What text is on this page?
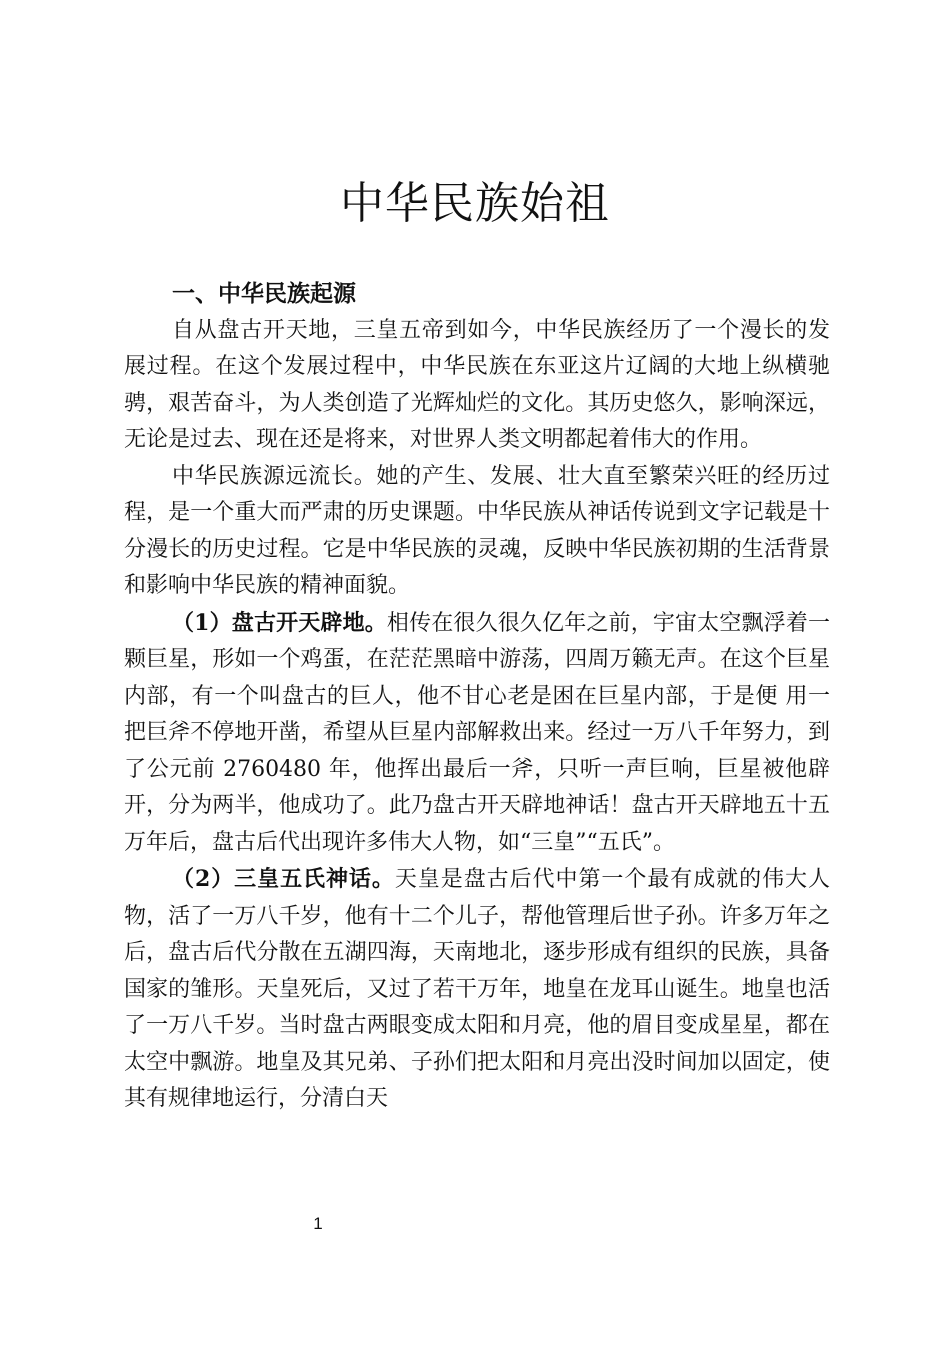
中华民族始祖
一、中华民族起源

自从盘古开天地，三皇五帝到如今，中华民族经历了一个漫长的发展过程。在这个发展过程中，中华民族在东亚这片辽阔的大地上纵横驰骋，艰苦奋斗，为人类创造了光辉灿烂的文化。其历史悠久，影响深远，无论是过去、现在还是将来，对世界人类文明都起着伟大的作用。

中华民族源远流长。她的产生、发展、壮大直至繁荣兴旺的经历过程，是一个重大而严肃的历史课题。中华民族从神话传说到文字记载是十分漫长的历史过程。它是中华民族的灵魂，反映中华民族初期的生活背景和影响中华民族的精神面貌。

（1）盘古开天辟地。相传在很久很久亿年之前，宇宙太空飘浮着一颗巨星，形如一个鸡蛋，在茫茫黑暗中游荡，四周万籁无声。在这个巨星内部，有一个叫盘古的巨人，他不甘心老是困在巨星内部，于是便 用一把巨斧不停地开凿，希望从巨星内部解救出来。经过一万八千年努力，到了公元前 2760480 年，他挥出最后一斧，只听一声巨响，巨星被他辟开，分为两半，他成功了。此乃盘古开天辟地神话！盘古开天辟地五十五万年后，盘古后代出现许多伟大人物，如“三皇”“五氏”。

（2）三皇五氏神话。天皇是盘古后代中第一个最有成就的伟大人物，活了一万八千岁，他有十二个儿子，帮他管理后世子孙。许多万年之后，盘古后代分散在五湖四海，天南地北，逐步形成有组织的民族，具备国家的雏形。天皇死后，又过了若干万年，地皇在龙耳山诞生。地皇也活了一万八千岁。当时盘古两眼变成太阳和月亮，他的眉目变成星星，都在太空中飘游。地皇及其兄弟、子孙们把太阳和月亮出没时间加以固定，使其有规律地运行，分清白天

1
